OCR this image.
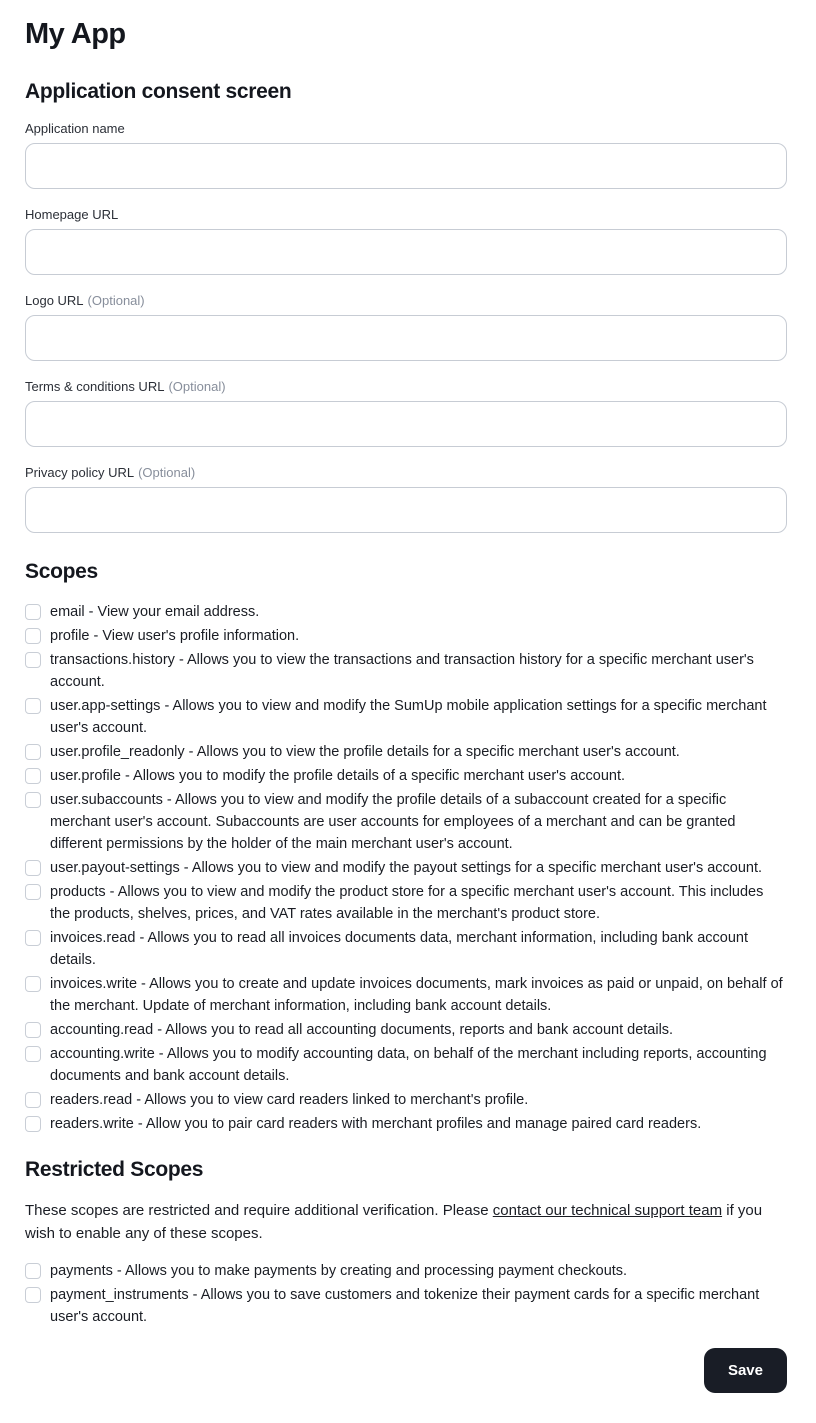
My App
Application consent screen
Application name
Homepage URL
Logo URL (Optional)
Terms & conditions URL (Optional)
Privacy policy URL (Optional)
Scopes
email - View your email address.
profile - View user's profile information.
transactions.history - Allows you to view the transactions and transaction history for a specific merchant user's account.
user.app-settings - Allows you to view and modify the SumUp mobile application settings for a specific merchant user's account.
user.profile_readonly - Allows you to view the profile details for a specific merchant user's account.
user.profile - Allows you to modify the profile details of a specific merchant user's account.
user.subaccounts - Allows you to view and modify the profile details of a subaccount created for a specific merchant user's account. Subaccounts are user accounts for employees of a merchant and can be granted different permissions by the holder of the main merchant user's account.
user.payout-settings - Allows you to view and modify the payout settings for a specific merchant user's account.
products - Allows you to view and modify the product store for a specific merchant user's account. This includes the products, shelves, prices, and VAT rates available in the merchant's product store.
invoices.read - Allows you to read all invoices documents data, merchant information, including bank account details.
invoices.write - Allows you to create and update invoices documents, mark invoices as paid or unpaid, on behalf of the merchant. Update of merchant information, including bank account details.
accounting.read - Allows you to read all accounting documents, reports and bank account details.
accounting.write - Allows you to modify accounting data, on behalf of the merchant including reports, accounting documents and bank account details.
readers.read - Allows you to view card readers linked to merchant's profile.
readers.write - Allow you to pair card readers with merchant profiles and manage paired card readers.
Restricted Scopes

These scopes are restricted and require additional verification. Please contact our technical support team if you wish to enable any of these scopes.

payments - Allows you to make payments by creating and processing payment checkouts.
payment_instruments - Allows you to save customers and tokenize their payment cards for a specific merchant user's account.
Save
